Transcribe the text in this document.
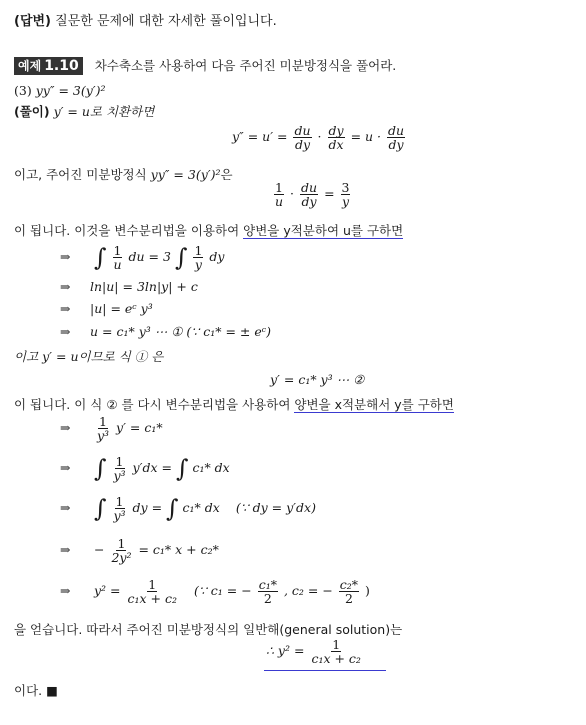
(답변) 질문한 문제에 대한 자세한 풀이입니다.
예제 1.10 차수축소를 사용하여 다음 주어진 미분방정식을 풀어라.
(3) yy″ = 3(y′)²
(풀이) y′ = u로 치환하면
$y'' = u' = \frac{du}{dy} \cdot \frac{dy}{dx} = u \cdot \frac{du}{dy}$
이고, 주어진 미분방정식 yy″ = 3(y′)²은
$\frac{1}{u} \cdot \frac{du}{dy} = \frac{3}{y}$
이 됩니다. 이것을 변수분리법을 이용하여 양변을 y적분하여 u를 구하면
⇒ ∫ $\frac{1}{u}$ du = 3 ∫ $\frac{1}{y}$ dy
⇒ ln|u| = 3ln|y| + c
⇒ |u| = eᶜ y³
⇒ u = c₁* y³ ⋯ ① (∵ c₁* = ± eᶜ)
이고 y′ = u이므로 식 ① 은
y′ = c₁* y³ ⋯ ②
이 됩니다. 이 식 ② 를 다시 변수분리법을 사용하여 양변을 x적분해서 y를 구하면
⇒ $\frac{1}{\text{y³}} y' = c_1*$
⇒ ∫ $\frac{1}{\text{y³}} y'dx$ = ∫ c₁* dx
⇒ ∫ $\frac{1}{\text{y³}}$ dy = ∫ c₁* dx (∵ dy = y′dx)
⇒ − $\frac{1}{\text{2y²}} = c_1*$ x + c₂*
⇒ $y^2 = \frac{1}{\text{c₁x + c₂}}$ (∵ c₁ = − $\frac{\text{c₁*}}{2}$ , c₂ = − $\frac{\text{c₂*}}{2}$ )
을 얻습니다. 따라서 주어진 미분방정식의 일반해(general solution)는
∴ $y^2 = \frac{1}{\text{c₁x + c₂}}$
이다. ■
